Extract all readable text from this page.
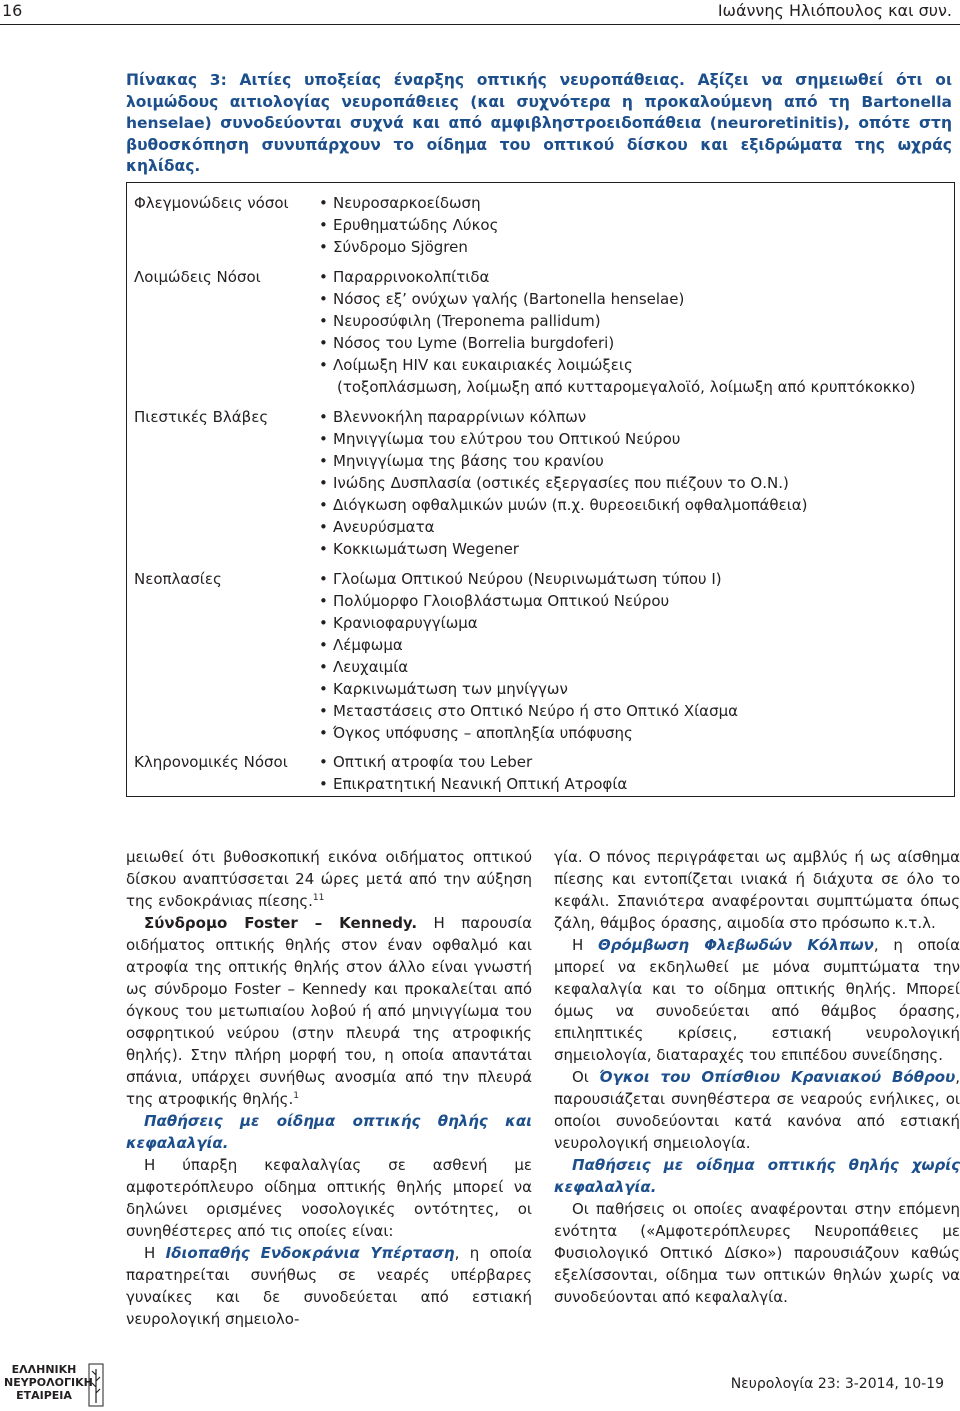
16	Ιωάννης Ηλιόπουλος και συν.

Πίνακας 3: Αιτίες υποξείας έναρξης οπτικής νευροπάθειας. Αξίζει να σημειωθεί ότι οι λοιμώδους αιτιολογίας νευροπάθειες (και συχνότερα η προκαλούμενη από τη Bartonella henselae) συνοδεύονται συχνά και από αμφιβληστροειδοπάθεια (neuroretinitis), οπότε στη βυθοσκόπηση συνυπάρχουν το οίδημα του οπτικού δίσκου και εξιδρώματα της ωχράς κηλίδας.

Φλεγμονώδεις νόσοι • Νευροσαρκοείδωση
• Ερυθηματώδης Λύκος
• Σύνδρομο Sjögren
Λοιμώδεις Νόσοι	• Παραρρινοκολπίτιδα
• Νόσος εξ’ ονύχων γαλής (Bartonella henselae)
• Νευροσύφιλη (Treponema pallidum)
• Νόσος του Lyme (Borrelia burgdoferi)
• Λοίμωξη HIV και ευκαιριακές λοιμώξεις
(τοξοπλάσμωση, λοίμωξη από κυτταρομεγαλοϊό, λοίμωξη από κρυπτόκοκκο)
Πιεστικές Βλάβες	• Βλεννοκήλη παραρρίνιων κόλπων
• Μηνιγγίωμα του ελύτρου του Οπτικού Νεύρου
• Μηνιγγίωμα της βάσης του κρανίου
• Ινώδης Δυσπλασία (οστικές εξεργασίες που πιέζουν το Ο.Ν.)
• Διόγκωση οφθαλμικών μυών (π.χ. θυρεοειδική οφθαλμοπάθεια)
• Ανευρύσματα
• Κοκκιωμάτωση Wegener
Νεοπλασίες	• Γλοίωμα Οπτικού Νεύρου (Νευρινωμάτωση τύπου Ι)
• Πολύμορφο Γλοιοβλάστωμα Οπτικού Νεύρου
• Κρανιοφαρυγγίωμα
• Λέμφωμα
• Λευχαιμία
• Καρκινωμάτωση των μηνίγγων
• Μεταστάσεις στο Οπτικό Νεύρο ή στο Οπτικό Χίασμα
• Όγκος υπόφυσης – αποπληξία υπόφυσης
Κληρονομικές Νόσοι • Οπτική ατροφία του Leber
• Επικρατητική Νεανική Οπτική Ατροφία

μειωθεί ότι βυθοσκοπική εικόνα οιδήματος οπτικού δίσκου αναπτύσσεται 24 ώρες μετά από την αύξηση της ενδοκράνιας πίεσης.$^{11}$

Σύνδρομο Foster – Kennedy. Η παρουσία οιδήματος οπτικής θηλής στον έναν οφθαλμό και ατροφία της οπτικής θηλής στον άλλο είναι γνωστή ως σύνδρομο Foster – Kennedy και προκαλείται από όγκους του μετωπιαίου λοβού ή από μηνιγγίωμα του οσφρητικού νεύρου (στην πλευρά της ατροφικής θηλής). Στην πλήρη μορφή του, η οποία απαντάται σπάνια, υπάρχει συνήθως ανοσμία από την πλευρά της ατροφικής θηλής.$^1$

Παθήσεις με οίδημα οπτικής θηλής και κεφαλαλγία.

Η ύπαρξη κεφαλαλγίας σε ασθενή με αμφοτερόπλευρο οίδημα οπτικής θηλής μπορεί να δηλώνει ορισμένες νοσολογικές οντότητες, οι συνηθέστερες από τις οποίες είναι:

Η Ιδιοπαθής Ενδοκράνια Υπέρταση, η οποία παρατηρείται συνήθως σε νεαρές υπέρβαρες γυναίκες και δε συνοδεύεται από εστιακή νευρολογική σημειολο-

γία. Ο πόνος περιγράφεται ως αμβλύς ή ως αίσθημα πίεσης και εντοπίζεται ινιακά ή διάχυτα σε όλο το κεφάλι. Σπανιότερα αναφέρονται συμπτώματα όπως ζάλη, θάμβος όρασης, αιμοδία στο πρόσωπο κ.τ.λ.

Η Θρόμβωση Φλεβωδών Κόλπων, η οποία μπορεί να εκδηλωθεί με μόνα συμπτώματα την κεφαλαλγία και το οίδημα οπτικής θηλής. Μπορεί όμως να συνοδεύεται από θάμβος όρασης, επιληπτικές κρίσεις, εστιακή νευρολογική σημειολογία, διαταραχές του επιπέδου συνείδησης.

Οι Όγκοι του Οπίσθιου Κρανιακού Βόθρου, παρουσιάζεται συνηθέστερα σε νεαρούς ενήλικες, οι οποίοι συνοδεύονται κατά κανόνα από εστιακή νευρολογική σημειολογία.

Παθήσεις με οίδημα οπτικής θηλής χωρίς κεφαλαλγία.

Οι παθήσεις οι οποίες αναφέρονται στην επόμενη ενότητα («Αμφοτερόπλευρες Νευροπάθειες με Φυσιολογικό Οπτικό Δίσκο») παρουσιάζουν καθώς εξελίσσονται, οίδημα των οπτικών θηλών χωρίς να συνοδεύονται από κεφαλαλγία.

ΕΛΛΗΝΙΚΗ
ΝΕΥΡΟΛΟΓΙΚΗ
ΕΤΑΙΡΕΙΑ
Νευρολογία 23: 3-2014, 10-19
